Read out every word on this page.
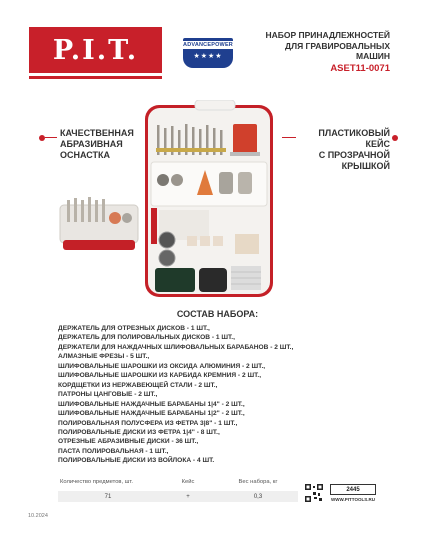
P.I.T.	ADVANCEPOWER
★★★★
НАБОР ПРИНАДЛЕЖНОСТЕЙ
ДЛЯ ГРАВИРОВАЛЬНЫХ
МАШИН
ASET11-0071
КАЧЕСТВЕННАЯ
АБРАЗИВНАЯ
ОСНАСТКА
ПЛАСТИКОВЫЙ КЕЙС
С ПРОЗРАЧНОЙ
КРЫШКОЙ
СОСТАВ НАБОРА:
ДЕРЖАТЕЛЬ ДЛЯ ОТРЕЗНЫХ ДИСКОВ - 1 ШТ.,
ДЕРЖАТЕЛЬ ДЛЯ ПОЛИРОВАЛЬНЫХ ДИСКОВ - 1 ШТ.,
ДЕРЖАТЕЛИ ДЛЯ НАЖДАЧНЫХ ШЛИФОВАЛЬНЫХ БАРАБАНОВ - 2 ШТ.,
АЛМАЗНЫЕ ФРЕЗЫ - 5 ШТ.,
ШЛИФОВАЛЬНЫЕ ШАРОШКИ ИЗ ОКСИДА АЛЮМИНИЯ - 2 ШТ.,
ШЛИФОВАЛЬНЫЕ ШАРОШКИ ИЗ КАРБИДА КРЕМНИЯ - 2 ШТ.,
КОРДЩЕТКИ ИЗ НЕРЖАВЕЮЩЕЙ СТАЛИ - 2 ШТ.,
ПАТРОНЫ ЦАНГОВЫЕ - 2 ШТ.,
ШЛИФОВАЛЬНЫЕ НАЖДАЧНЫЕ БАРАБАНЫ 1|4" - 2 ШТ.,
ШЛИФОВАЛЬНЫЕ НАЖДАЧНЫЕ БАРАБАНЫ 1|2" - 2 ШТ.,
ПОЛИРОВАЛЬНАЯ ПОЛУСФЕРА ИЗ ФЕТРА 3|8" - 1 ШТ.,
ПОЛИРОВАЛЬНЫЕ ДИСКИ ИЗ ФЕТРА 1|4" - 8 ШТ.,
ОТРЕЗНЫЕ АБРАЗИВНЫЕ ДИСКИ - 36 ШТ.,
ПАСТА ПОЛИРОВАЛЬНАЯ - 1 ШТ.,
ПОЛИРОВАЛЬНЫЕ ДИСКИ ИЗ ВОЙЛОКА - 4 ШТ.
Количество предметов, шт.	Кейс	Вес набора, кг
71	+	0,3
2445
WWW.PITTOOLS.RU
10.2024
